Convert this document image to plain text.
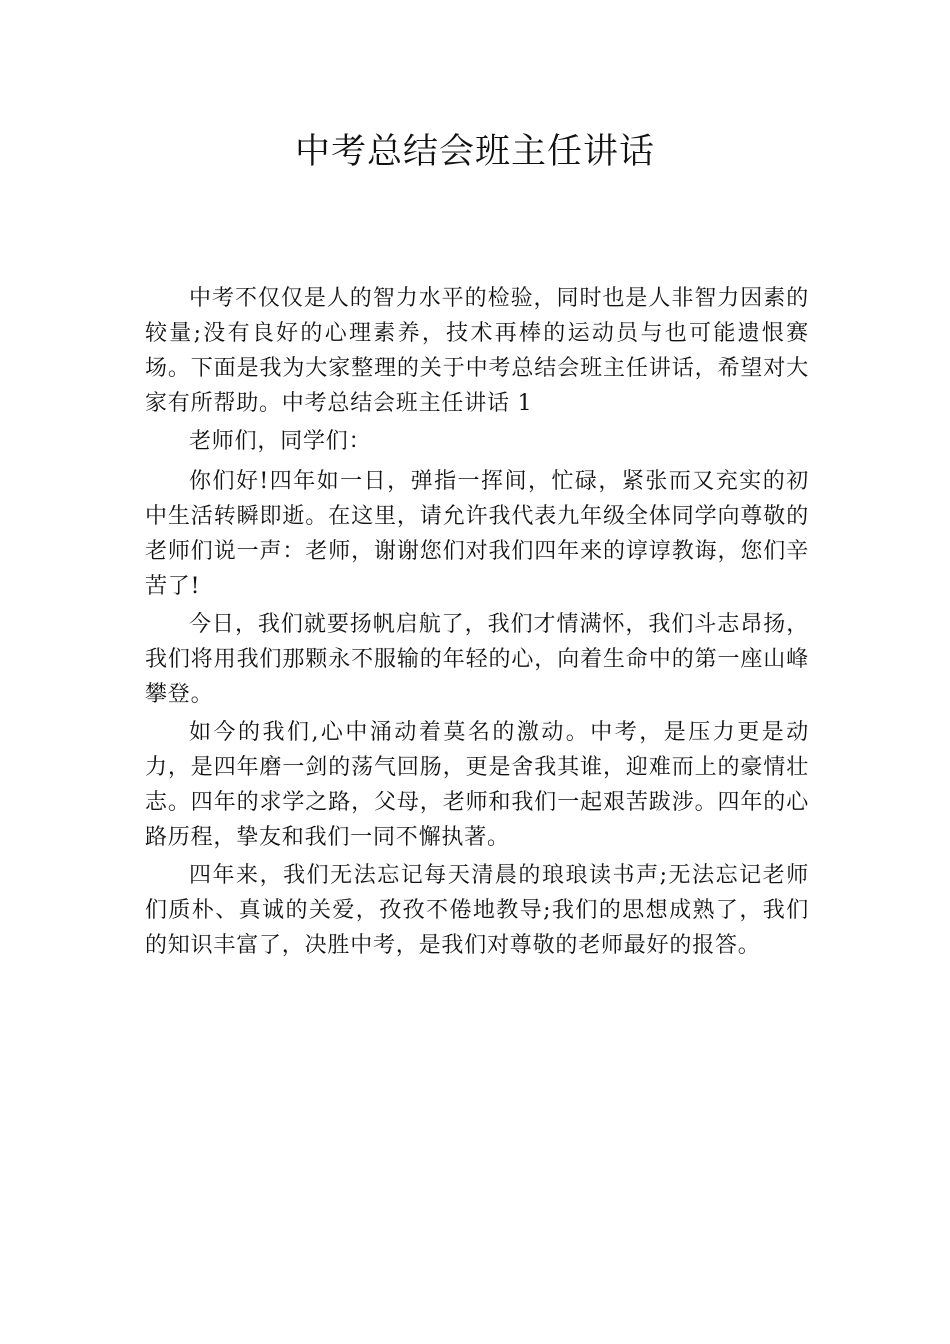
中考总结会班主任讲话

中考不仅仅是人的智力水平的检验，同时也是人非智力因素的较量;没有良好的心理素养，技术再棒的运动员与也可能遗恨赛场。下面是我为大家整理的关于中考总结会班主任讲话，希望对大家有所帮助。中考总结会班主任讲话 1

老师们，同学们：

你们好!四年如一日，弹指一挥间，忙碌，紧张而又充实的初中生活转瞬即逝。在这里，请允许我代表九年级全体同学向尊敬的老师们说一声：老师，谢谢您们对我们四年来的谆谆教诲，您们辛苦了!

今日，我们就要扬帆启航了，我们才情满怀，我们斗志昂扬，我们将用我们那颗永不服输的年轻的心，向着生命中的第一座山峰攀登。

如今的我们,心中涌动着莫名的激动。中考，是压力更是动力，是四年磨一剑的荡气回肠，更是舍我其谁，迎难而上的豪情壮志。四年的求学之路，父母，老师和我们一起艰苦跋涉。四年的心路历程，挚友和我们一同不懈执著。

四年来，我们无法忘记每天清晨的琅琅读书声;无法忘记老师们质朴、真诚的关爱，孜孜不倦地教导;我们的思想成熟了，我们的知识丰富了，决胜中考，是我们对尊敬的老师最好的报答。
